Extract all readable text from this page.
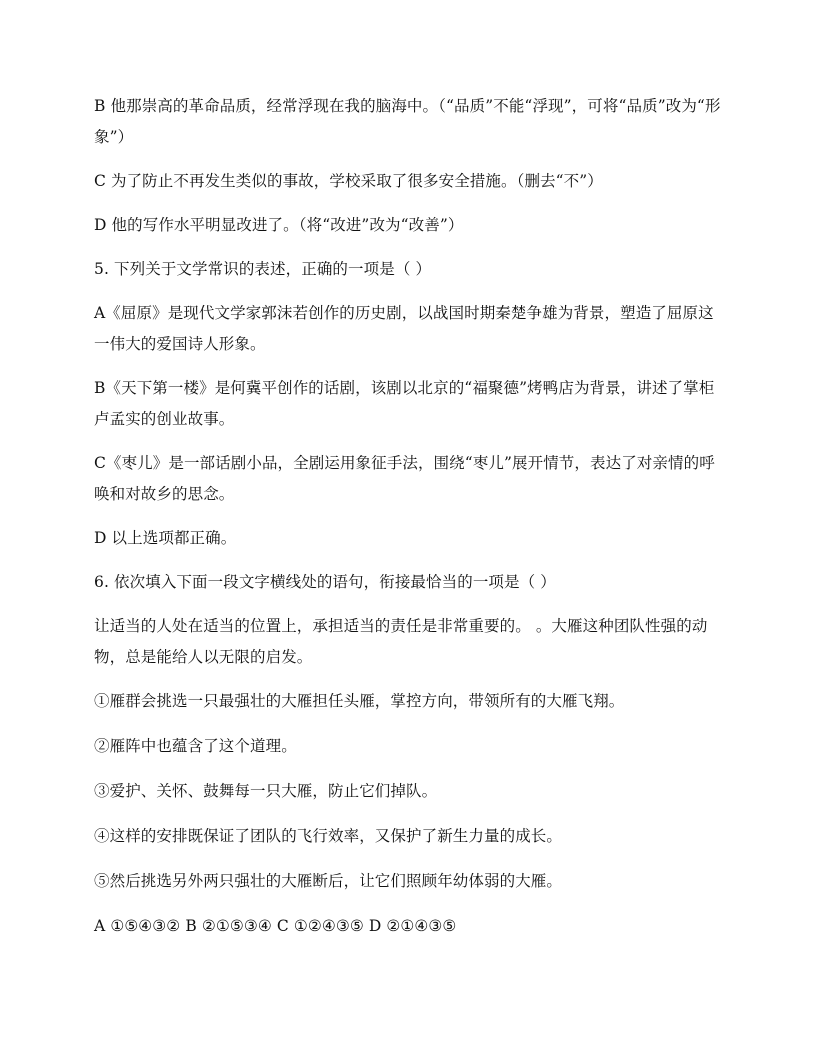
B 他那崇高的革命品质，经常浮现在我的脑海中。（“品质”不能“浮现”，可将“品质”改为“形象”）

C 为了防止不再发生类似的事故，学校采取了很多安全措施。（删去“不”）

D 他的写作水平明显改进了。（将“改进”改为“改善”）

5. 下列关于文学常识的表述，正确的一项是（ ）

A《屈原》是现代文学家郭沫若创作的历史剧，以战国时期秦楚争雄为背景，塑造了屈原这一伟大的爱国诗人形象。

B《天下第一楼》是何冀平创作的话剧，该剧以北京的“福聚德”烤鸭店为背景，讲述了掌柜卢孟实的创业故事。

C《枣儿》是一部话剧小品，全剧运用象征手法，围绕“枣儿”展开情节，表达了对亲情的呼唤和对故乡的思念。

D 以上选项都正确。

6. 依次填入下面一段文字横线处的语句，衔接最恰当的一项是（ ）

让适当的人处在适当的位置上，承担适当的责任是非常重要的。 。大雁这种团队性强的动物，总是能给人以无限的启发。

①雁群会挑选一只最强壮的大雁担任头雁，掌控方向，带领所有的大雁飞翔。

②雁阵中也蕴含了这个道理。

③爱护、关怀、鼓舞每一只大雁，防止它们掉队。

④这样的安排既保证了团队的飞行效率，又保护了新生力量的成长。

⑤然后挑选另外两只强壮的大雁断后，让它们照顾年幼体弱的大雁。

A ①⑤④③② B ②①⑤③④ C ①②④③⑤ D ②①④③⑤
